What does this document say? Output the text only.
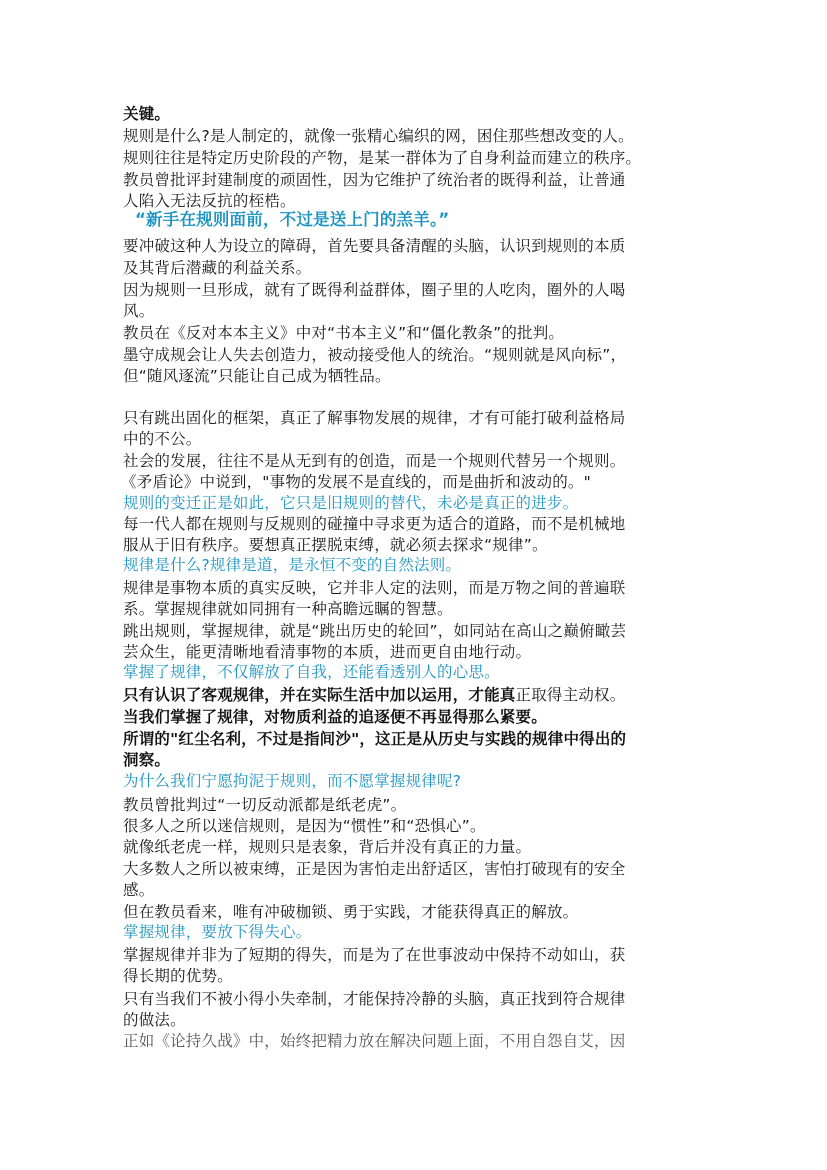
关键。
规则是什么?是人制定的，就像一张精心编织的网，困住那些想改变的人。
规则往往是特定历史阶段的产物，是某一群体为了自身利益而建立的秩序。
教员曾批评封建制度的顽固性，因为它维护了统治者的既得利益，让普通
人陷入无法反抗的桎梏。
“新手在规则面前，不过是送上门的羔羊。”
要冲破这种人为设立的障碍，首先要具备清醒的头脑，认识到规则的本质
及其背后潜藏的利益关系。
因为规则一旦形成，就有了既得利益群体，圈子里的人吃肉，圈外的人喝
风。
教员在《反对本本主义》中对“书本主义”和“僵化教条”的批判。
墨守成规会让人失去创造力，被动接受他人的统治。“规则就是风向标”，
但“随风逐流”只能让自己成为牺牲品。
只有跳出固化的框架，真正了解事物发展的规律，才有可能打破利益格局
中的不公。
社会的发展，往往不是从无到有的创造，而是一个规则代替另一个规则。
《矛盾论》中说到，"事物的发展不是直线的，而是曲折和波动的。"
规则的变迁正是如此，它只是旧规则的替代，未必是真正的进步。
每一代人都在规则与反规则的碰撞中寻求更为适合的道路，而不是机械地
服从于旧有秩序。要想真正摆脱束缚，就必须去探求“规律”。
规律是什么?规律是道，是永恒不变的自然法则。
规律是事物本质的真实反映，它并非人定的法则，而是万物之间的普遍联
系。掌握规律就如同拥有一种高瞻远瞩的智慧。
跳出规则，掌握规律，就是“跳出历史的轮回”，如同站在高山之巅俯瞰芸
芸众生，能更清晰地看清事物的本质，进而更自由地行动。
掌握了规律，不仅解放了自我，还能看透别人的心思。
只有认识了客观规律，并在实际生活中加以运用，才能真正取得主动权。
当我们掌握了规律，对物质利益的追逐便不再显得那么紧要。
所谓的"红尘名利，不过是指间沙"，这正是从历史与实践的规律中得出的
洞察。
为什么我们宁愿拘泥于规则，而不愿掌握规律呢?
教员曾批判过“一切反动派都是纸老虎”。
很多人之所以迷信规则，是因为“惯性”和“恐惧心”。
就像纸老虎一样，规则只是表象，背后并没有真正的力量。
大多数人之所以被束缚，正是因为害怕走出舒适区，害怕打破现有的安全
感。
但在教员看来，唯有冲破枷锁、勇于实践，才能获得真正的解放。
掌握规律，要放下得失心。
掌握规律并非为了短期的得失，而是为了在世事波动中保持不动如山，获
得长期的优势。
只有当我们不被小得小失牵制，才能保持冷静的头脑，真正找到符合规律
的做法。
正如《论持久战》中，始终把精力放在解决问题上面，不用自怨自艾，因
